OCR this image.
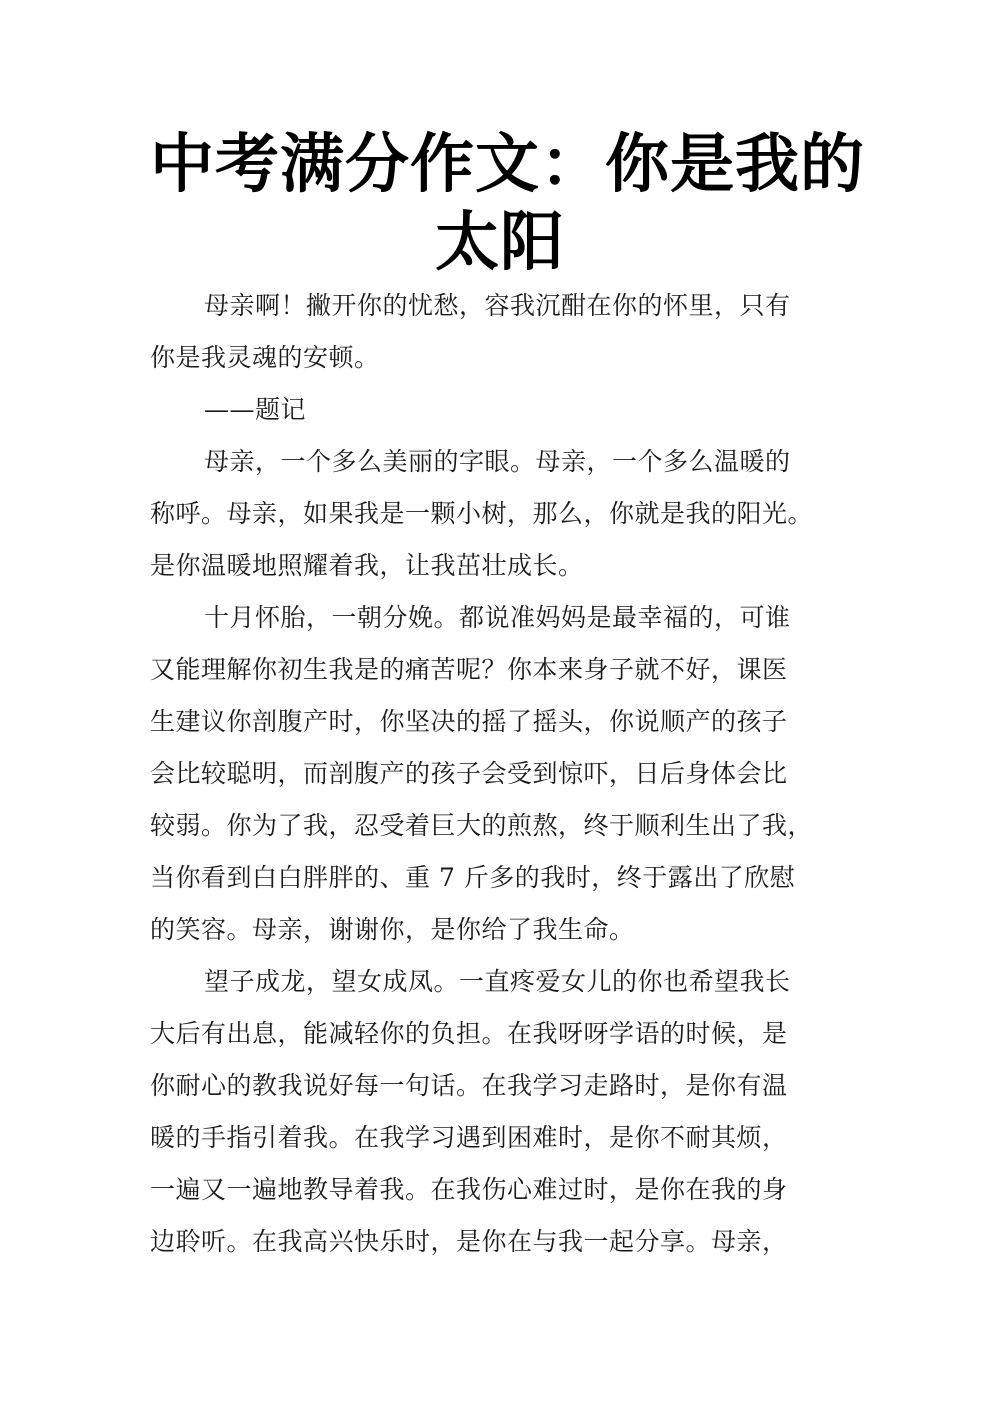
中考满分作文：你是我的
太阳

母亲啊！撇开你的忧愁，容我沉酣在你的怀里，只有
你是我灵魂的安顿。

——题记

母亲，一个多么美丽的字眼。母亲，一个多么温暖的
称呼。母亲，如果我是一颗小树，那么，你就是我的阳光。
是你温暖地照耀着我，让我茁壮成长。

十月怀胎，一朝分娩。都说准妈妈是最幸福的，可谁
又能理解你初生我是的痛苦呢？你本来身子就不好，课医
生建议你剖腹产时，你坚决的摇了摇头，你说顺产的孩子
会比较聪明，而剖腹产的孩子会受到惊吓，日后身体会比
较弱。你为了我，忍受着巨大的煎熬，终于顺利生出了我，
当你看到白白胖胖的、重 7 斤多的我时，终于露出了欣慰
的笑容。母亲，谢谢你，是你给了我生命。

望子成龙，望女成凤。一直疼爱女儿的你也希望我长
大后有出息，能减轻你的负担。在我呀呀学语的时候，是
你耐心的教我说好每一句话。在我学习走路时，是你有温
暖的手指引着我。在我学习遇到困难时，是你不耐其烦，
一遍又一遍地教导着我。在我伤心难过时，是你在我的身
边聆听。在我高兴快乐时，是你在与我一起分享。母亲，
